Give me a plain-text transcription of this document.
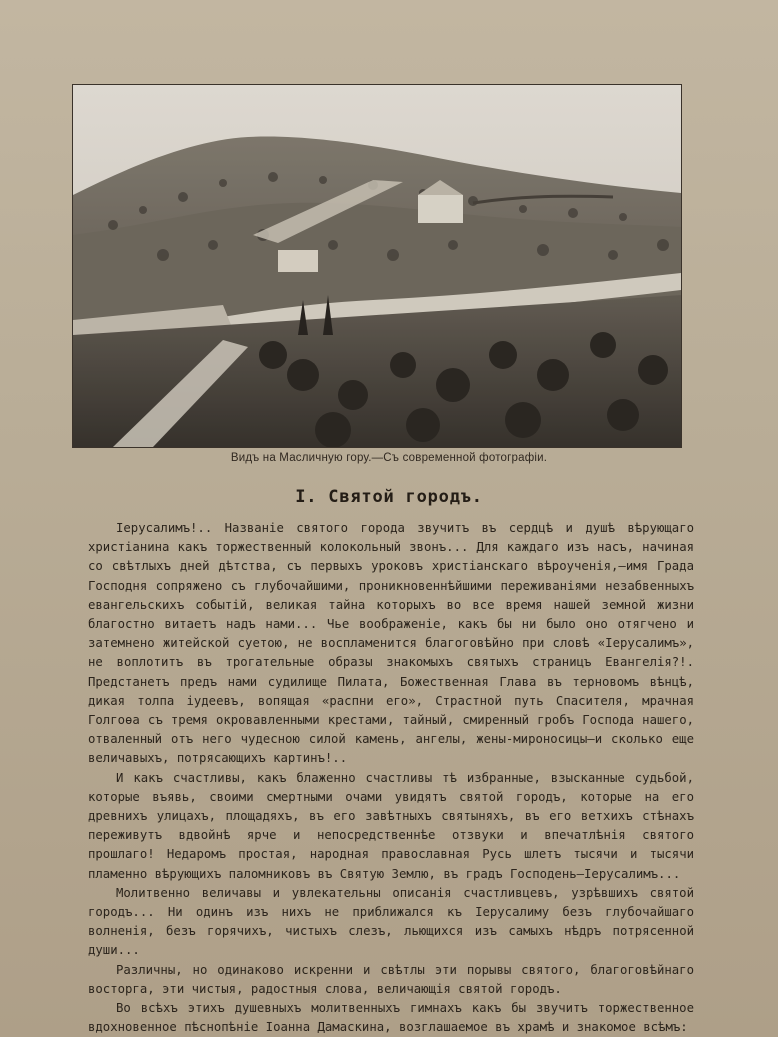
Видъ на Масличную гору.—Съ современной фотографіи.
I. Святой городъ.

Іерусалимъ!.. Названіе святого города звучитъ въ сердцѣ и душѣ вѣрующаго христіанина какъ торжественный колокольный звонъ... Для каждаго изъ насъ, начиная со свѣтлыхъ дней дѣтства, съ первыхъ уроковъ христіанскаго вѣроученія,—имя Града Господня сопряжено съ глубочайшими, проникновеннѣйшими переживаніями незабвенныхъ евангельскихъ событій, великая тайна которыхъ во все время нашей земной жизни благостно витаетъ надъ нами... Чье воображеніе, какъ бы ни было оно отягчено и затемнено житейской суетою, не воспламенится благоговѣйно при словѣ «Іерусалимъ», не воплотитъ въ трогательные образы знакомыхъ святыхъ страницъ Евангелія?!. Предстанетъ предъ нами судилище Пилата, Божественная Глава въ терновомъ вѣнцѣ, дикая толпа іудеевъ, вопящая «распни его», Страстной путь Спасителя, мрачная Голгоѳа съ тремя окровавленными крестами, тайный, смиренный гробъ Господа нашего, отваленный отъ него чудесною силой камень, ангелы, жены-мироносицы—и сколько еще величавыхъ, потрясающихъ картинъ!..

И какъ счастливы, какъ блаженно счастливы тѣ избранные, взысканные судьбой, которые въявь, своими смертными очами увидятъ святой городъ, которые на его древнихъ улицахъ, площадяхъ, въ его завѣтныхъ святыняхъ, въ его ветхихъ стѣнахъ переживутъ вдвойнѣ ярче и непосредственнѣе отзвуки и впечатлѣнія святого прошлаго! Недаромъ простая, народная православная Русь шлетъ тысячи и тысячи пламенно вѣрующихъ паломниковъ въ Святую Землю, въ градъ Господень—Іерусалимъ...

Молитвенно величавы и увлекательны описанія счастливцевъ, узрѣвшихъ святой городъ... Ни одинъ изъ нихъ не приближался къ Іерусалиму безъ глубочайшаго волненія, безъ горячихъ, чистыхъ слезъ, льющихся изъ самыхъ нѣдръ потрясенной души...

Различны, но одинаково искренни и свѣтлы эти порывы святого, благоговѣйнаго восторга, эти чистыя, радостныя слова, величающія святой городъ.

Во всѣхъ этихъ душевныхъ молитвенныхъ гимнахъ какъ бы звучитъ торжественное вдохновенное пѣснопѣніе Іоанна Дамаскина, возглашаемое въ храмѣ и знакомое всѣмъ:
